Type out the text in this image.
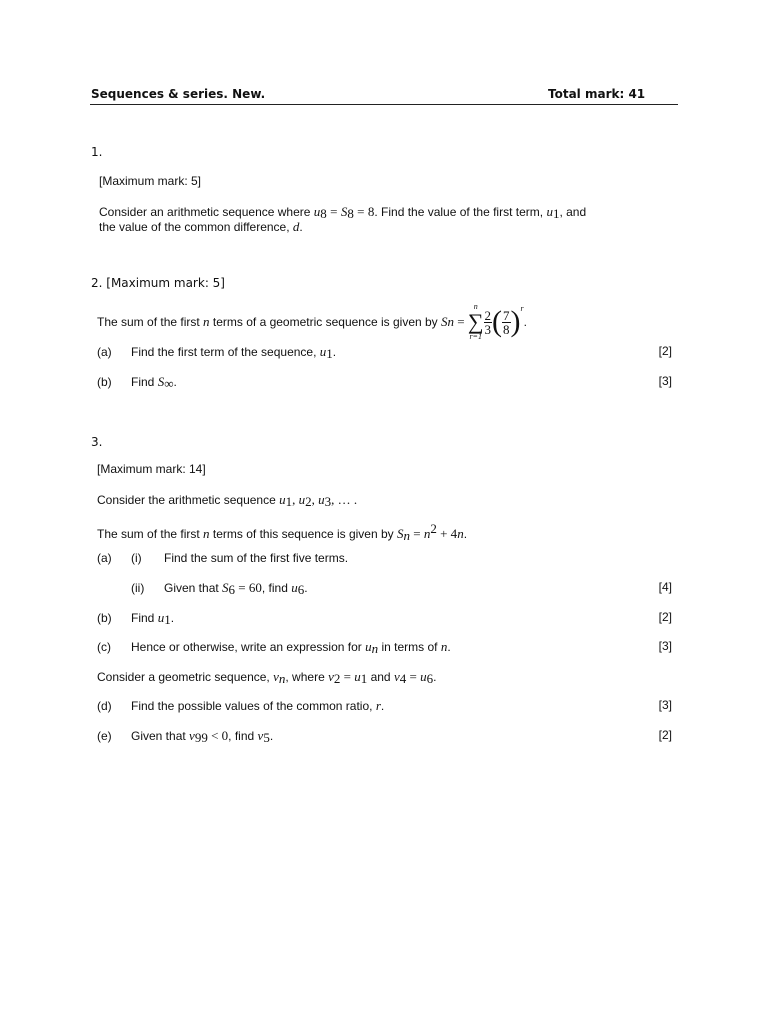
Sequences & series. New.	Total mark: 41
1.
[Maximum mark: 5]
Consider an arithmetic sequence where $u_8 = S_8 = 8$. Find the value of the first term, $u_1$, and
the value of the common difference, d.
2. [Maximum mark: 5]
The sum of the first
n
terms of a geometric sequence is given by
S n =
n
∑
r=1
$\frac{2}{3}$ ( $\frac{7}{8} )^r$
.
(a) Find the first term of the sequence, $u_1$.	[2]
(b) Find $S_\infty$.	[3]
3.
[Maximum mark: 14]
Consider the arithmetic sequence $u_1$, $u_2$, $u_3$, … .
The sum of the first n terms of this sequence is given by $S_n = n^2 + 4n$.
(a) (i) Find the sum of the first five terms.
(ii) Given that $S_6 = 60$, find $u_6$.	[4]
(b) Find $u_1$.	[2]
(c) Hence or otherwise, write an expression for $u_n$ in terms of n.	[3]
Consider a geometric sequence, $v_n$, where $v_2 = u_1$ and $v_4 = u_6$.
(d) Find the possible values of the common ratio, r.	[3]
(e) Given that $v_{99} < 0$, find $v_5$.	[2]
